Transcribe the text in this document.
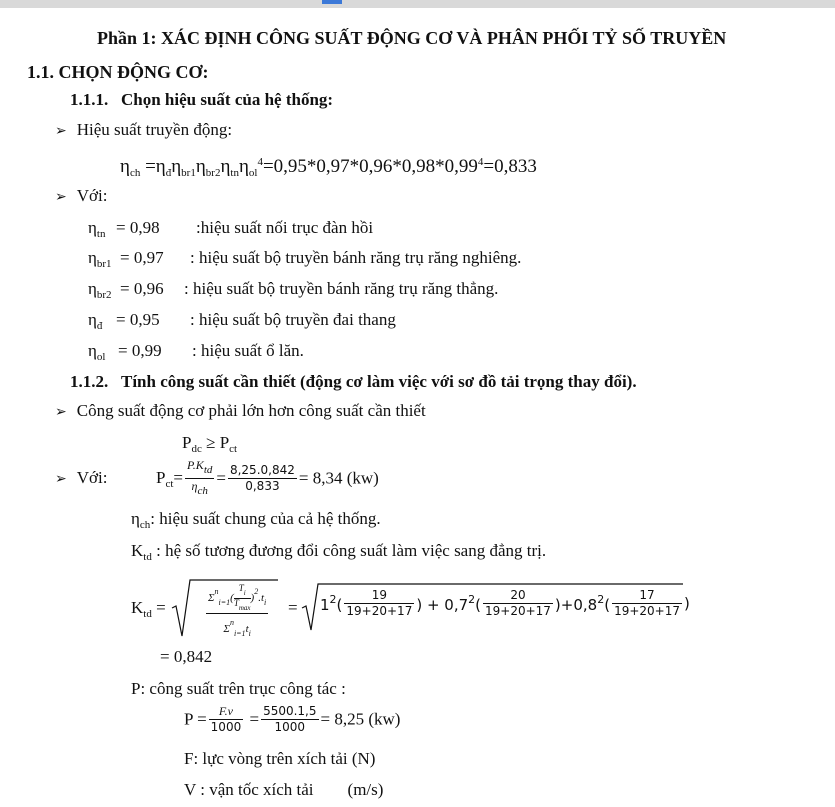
Phần 1: XÁC ĐỊNH CÔNG SUẤT ĐỘNG CƠ VÀ PHÂN PHỐI TỶ SỐ TRUYỀN
1.1. CHỌN ĐỘNG CƠ:
1.1.1. Chọn hiệu suất của hệ thống:
➢ Hiệu suất truyền động:
$\eta_{ch} =\eta_đ\eta_{br1}\eta_{br2}\eta_{tn}\eta_{ol}^4=0,95*0,97*0,96*0,98*0,99^4=0,833$
➢ Với:
$\eta_{tn} = 0,98$ :hiệu suất nối trục đàn hồi
$\eta_{br1} = 0,97$ : hiệu suất bộ truyền bánh răng trụ răng nghiêng.
$\eta_{br2} = 0,96$ : hiệu suất bộ truyền bánh răng trụ răng thẳng.
$\eta_đ = 0,95$ : hiệu suất bộ truyền đai thang
$\eta_{ol} = 0,99$ : hiệu suất ổ lăn.
1.1.2. Tính công suất cần thiết (động cơ làm việc với sơ đồ tải trọng thay đổi).
➢ Công suất động cơ phải lớn hơn công suất cần thiết
$P_{dc} \ge P_{ct}$
➢ Với:	$P_{ct}= \frac{P.K_{td}}{\eta_{ch}} = \frac{8,25.0,842}{0,833} = 8,34$ (kw)
$\eta_{ch}$: hiệu suất chung của cả hệ thống.
$K_{td}$ : hệ số tương đương đổi công suất làm việc sang đẳng trị.
$K_{td}$ =	$\Sigma^n_{i=1}$(
$T_i$
$T_{max}$
)$^2.t_i$
$\Sigma^n_{i=1}t_i$
= $1^2( \frac{19}{19+20+17}$ ) + $0,7^2( \frac{20}{19+20+17} )+0,8^2( \frac{17}{19+20+17}$ )
= 0,842
P: công suất trên trục công tác :
$P = \frac{F.v}{1000} = \frac{5500.1,5}{1000} = 8,25$ (kw)
F: lực vòng trên xích tải (N)
V : vận tốc xích tải (m/s)
